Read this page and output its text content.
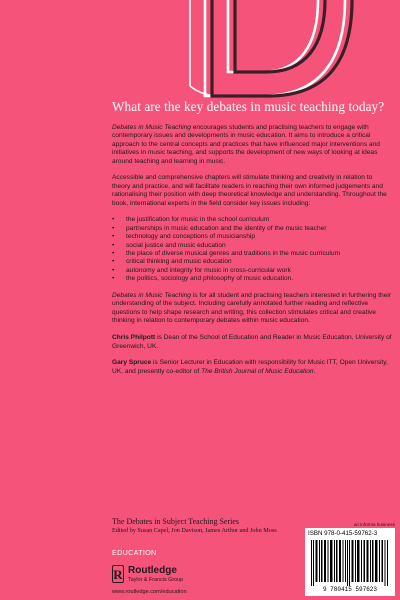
What are the key debates in music teaching today?

Debates in Music Teaching encourages students and practising teachers to engage with contemporary issues and developments in music education. It aims to introduce a critical approach to the central concepts and practices that have influenced major interventions and initiatives in music teaching, and supports the development of new ways of looking at ideas around teaching and learning in music.

Accessible and comprehensive chapters will stimulate thinking and creativity in relation to theory and practice, and will facilitate readers in reaching their own informed judgements and rationalising their position with deep theoretical knowledge and understanding. Throughout the book, international experts in the field consider key issues including:

• the justification for music in the school curriculum
• partnerships in music education and the identity of the music teacher
• technology and conceptions of musicianship
• social justice and music education
• the place of diverse musical genres and traditions in the music curriculum
• critical thinking and music education
• autonomy and integrity for music in cross-curricular work
• the politics, sociology and philosophy of music education.

Debates in Music Teaching is for all student and practising teachers interested in furthering their understanding of the subject. Including carefully annotated further reading and reflective questions to help shape research and writing, this collection stimulates critical and creative thinking in relation to contemporary debates within music education.

Chris Philpott is Dean of the School of Education and Reader in Music Education, University of Greenwich, UK.

Gary Spruce is Senior Lecturer in Education with responsibility for Music ITT, Open University, UK, and presently co-editor of The British Journal of Music Education.

The Debates in Subject Teaching Series
Edited by Susan Capel, Jon Davison, James Arthur and John Moss
EDUCATION
R Routledge
Taylor & Francis Group
www.routledge.com/education
an informa business
ISBN 978-0-415-59762-3
9 780415 597623
